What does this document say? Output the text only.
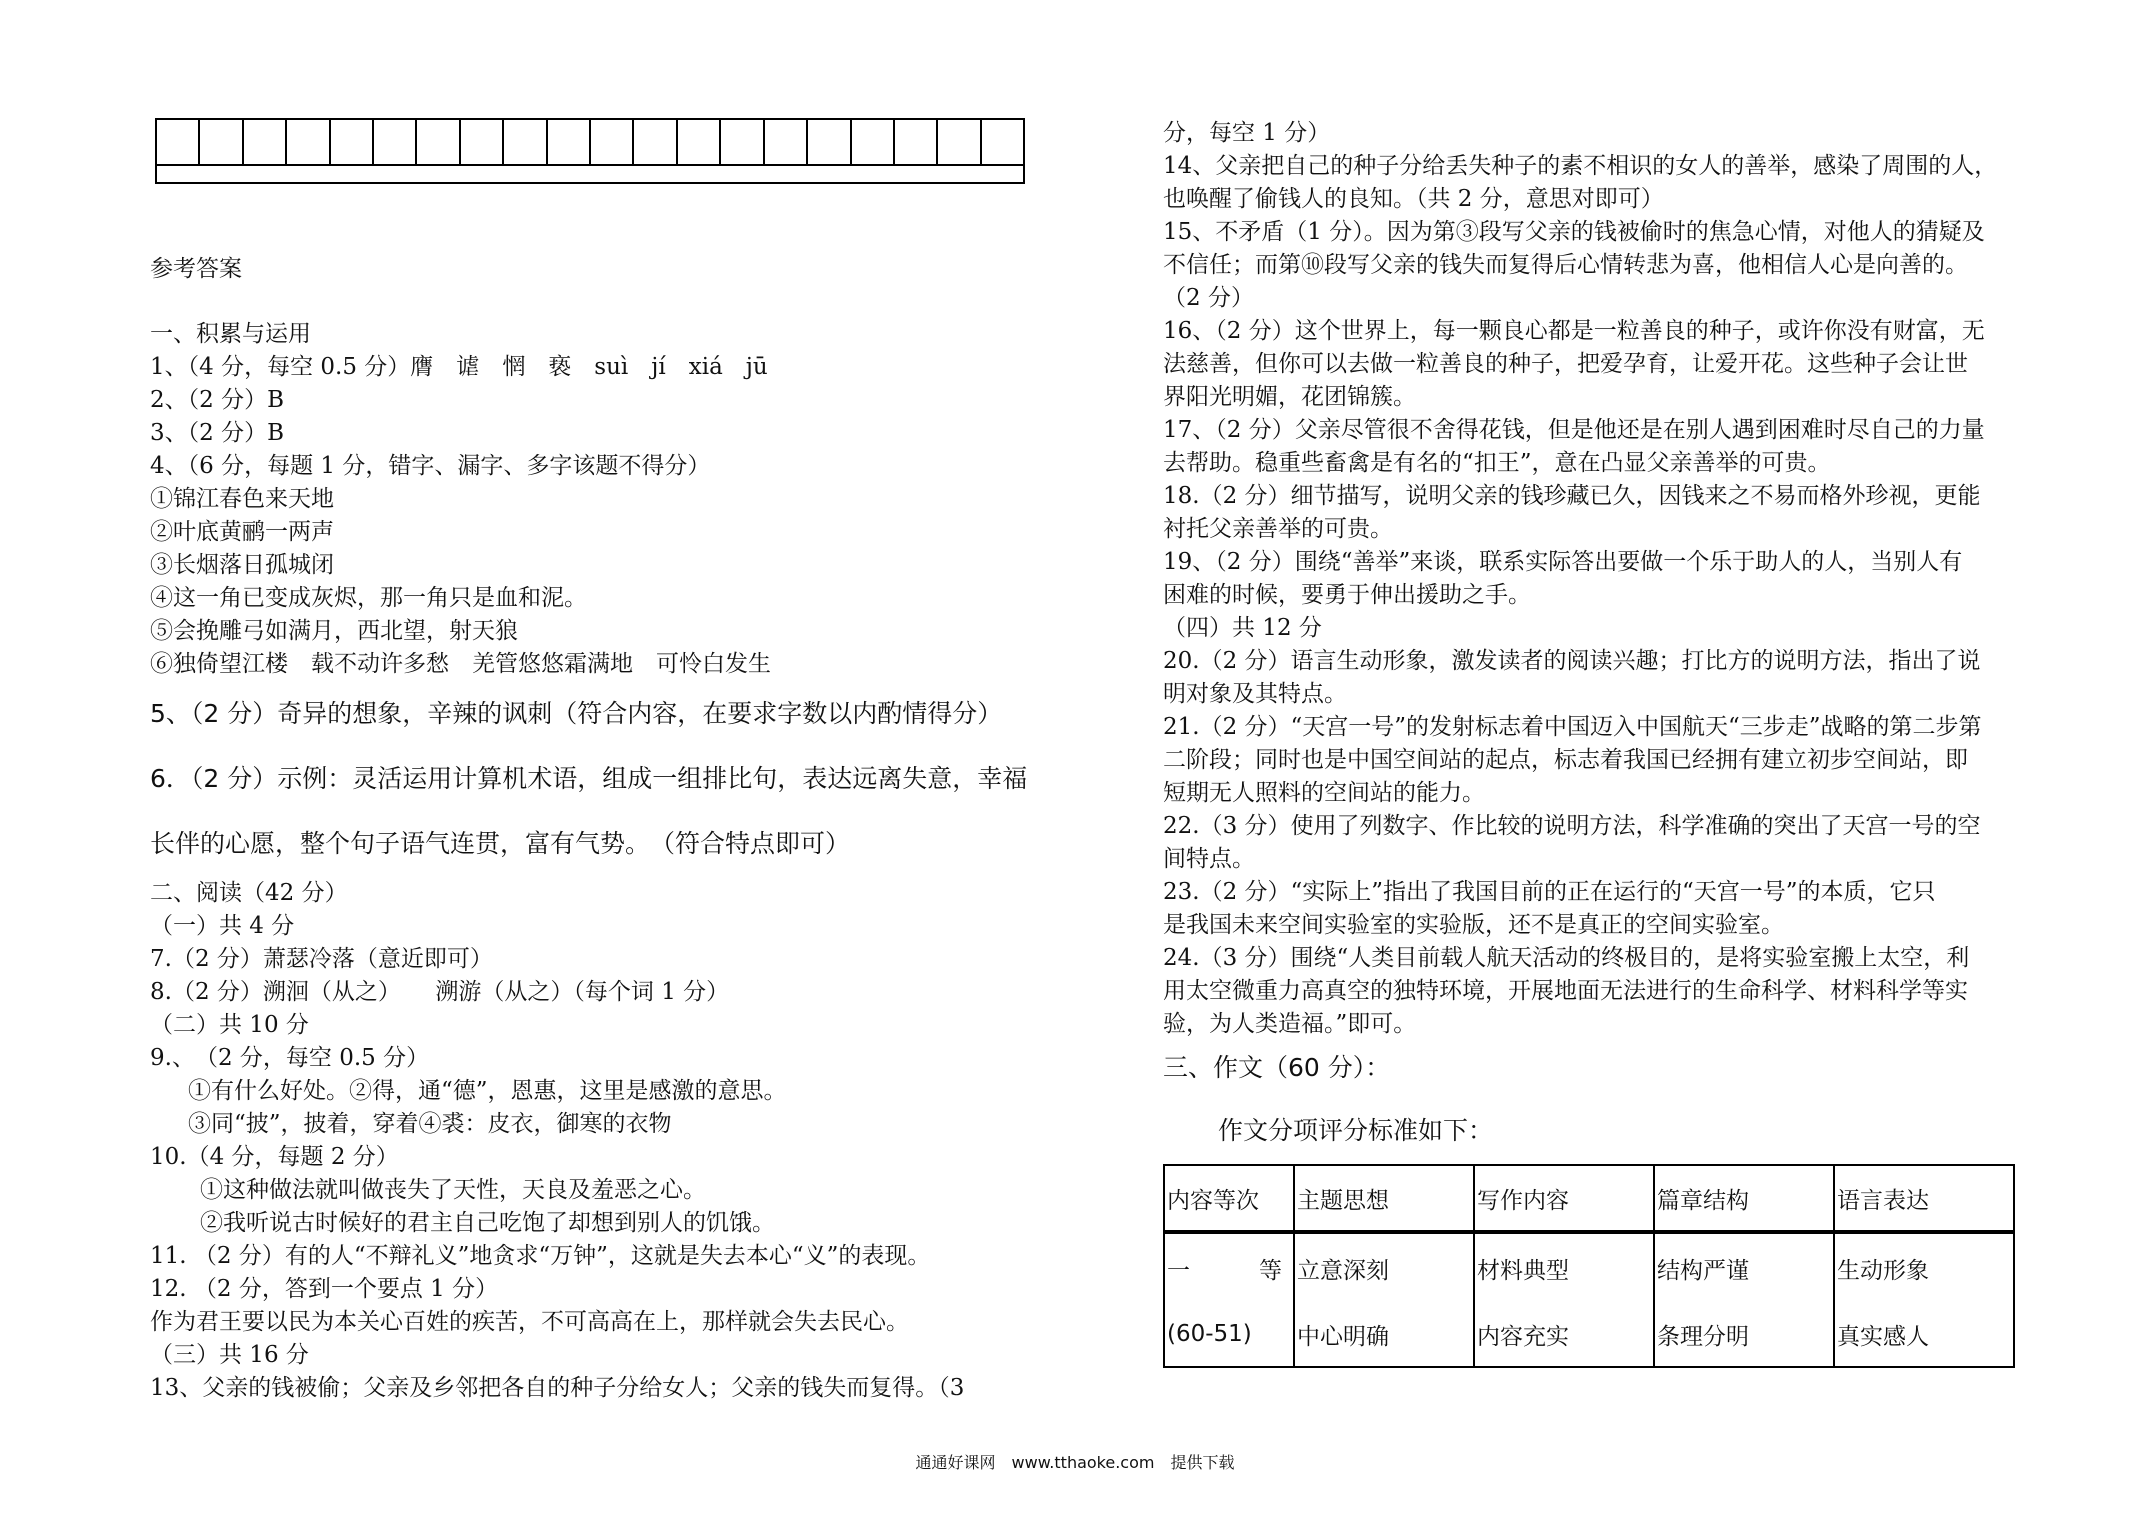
参考答案
一、积累与运用
1、（4 分，每空 0.5 分）膺　谑　惘　亵　suì　jí　xiá　jū
2、（2 分）B
3、（2 分）B
4、（6 分，每题 1 分，错字、漏字、多字该题不得分）
①锦江春色来天地
②叶底黄鹂一两声
③长烟落日孤城闭
④这一角已变成灰烬，那一角只是血和泥。
⑤会挽雕弓如满月，西北望，射天狼
⑥独倚望江楼　载不动许多愁　羌管悠悠霜满地　可怜白发生
5、（2 分）奇异的想象，辛辣的讽刺（符合内容，在要求字数以内酌情得分）
6．（2 分）示例：灵活运用计算机术语，组成一组排比句，表达远离失意，幸福
长伴的心愿，整个句子语气连贯，富有气势。　（符合特点即可）
二、阅读（42 分）
（一）共 4 分
7.（2 分）萧瑟冷落（意近即可）
8.（2 分）溯洄（从之）　　溯游（从之）（每个词 1 分）
（二）共 10 分
9.、　（2 分，每空 0.5 分）
①有什么好处。②得，通“德”，恩惠，这里是感激的意思。
③同“披”，披着，穿着④裘：皮衣，御寒的衣物
10.（4 分，每题 2 分）
①这种做法就叫做丧失了天性，天良及羞恶之心。
②我听说古时候好的君主自己吃饱了却想到别人的饥饿。
11. （2 分）有的人“不辩礼义”地贪求“万钟”，这就是失去本心“义”的表现。
12. （2 分，答到一个要点 1 分）
作为君王要以民为本关心百姓的疾苦，不可高高在上，那样就会失去民心。
（三）共 16 分
13、父亲的钱被偷；父亲及乡邻把各自的种子分给女人；父亲的钱失而复得。（3
分，每空 1 分）
14、父亲把自己的种子分给丢失种子的素不相识的女人的善举，感染了周围的人，
也唤醒了偷钱人的良知。（共 2 分，意思对即可）
15、不矛盾（1 分）。因为第③段写父亲的钱被偷时的焦急心情，对他人的猜疑及
不信任；而第⑩段写父亲的钱失而复得后心情转悲为喜，他相信人心是向善的。
（2 分）
16、（2 分）这个世界上，每一颗良心都是一粒善良的种子，或许你没有财富，无
法慈善，但你可以去做一粒善良的种子，把爱孕育，让爱开花。这些种子会让世
界阳光明媚，花团锦簇。
17、（2 分）父亲尽管很不舍得花钱，但是他还是在别人遇到困难时尽自己的力量
去帮助。稳重些畜禽是有名的“扣王”，意在凸显父亲善举的可贵。
18.（2 分）细节描写，说明父亲的钱珍藏已久，因钱来之不易而格外珍视，更能
衬托父亲善举的可贵。
19、（2 分）围绕“善举”来谈，联系实际答出要做一个乐于助人的人，当别人有
困难的时候，要勇于伸出援助之手。
（四）共 12 分
20.（2 分）语言生动形象，激发读者的阅读兴趣；打比方的说明方法，指出了说
明对象及其特点。
21.（2 分）“天宫一号”的发射标志着中国迈入中国航天“三步走”战略的第二步第
二阶段；同时也是中国空间站的起点，标志着我国已经拥有建立初步空间站，即
短期无人照料的空间站的能力。
22.（3 分）使用了列数字、作比较的说明方法，科学准确的突出了天宫一号的空
间特点。
23.（2 分）“实际上”指出了我国目前的正在运行的“天宫一号”的本质，它只
是我国未来空间实验室的实验版，还不是真正的空间实验室。
24.（3 分）围绕“人类目前载人航天活动的终极目的，是将实验室搬上太空，利
用太空微重力高真空的独特环境，开展地面无法进行的生命科学、材料科学等实
验，为人类造福。”即可。
三、作文（60 分）：
作文分项评分标准如下：
内容等次	主题思想	写作内容	篇章结构	语言表达
一　　　等	立意深刻	材料典型	结构严谨	生动形象
(60-51)	中心明确	内容充实	条理分明	真实感人
通通好课网　www.tthaoke.com　提供下载
